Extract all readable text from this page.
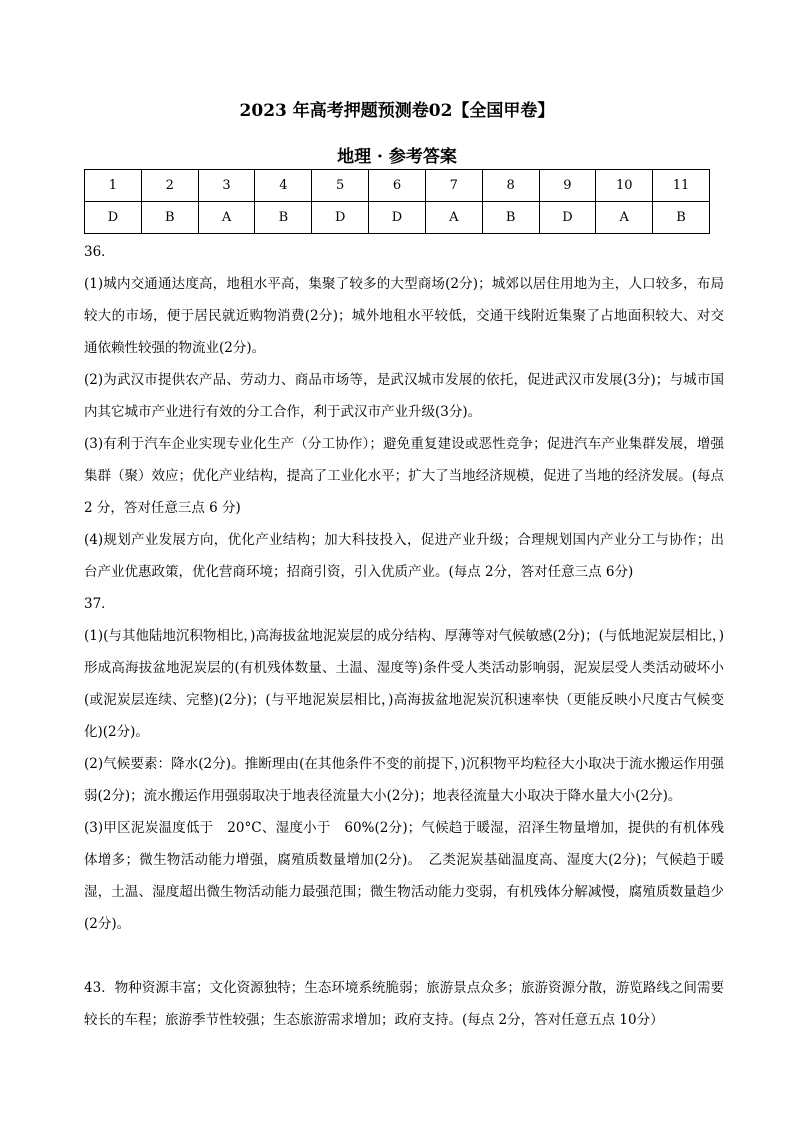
2023 年高考押题预测卷02【全国甲卷】
地理 · 参考答案
1	2	3	4	5	6	7	8	9	10	11
D	B	A	B	D	D	A	B	D	A	B

36．

(1)城内交通通达度高，地租水平高，集聚了较多的大型商场(2分)；城郊以居住用地为主，人口较多，布局较大的市场，便于居民就近购物消费(2分)；城外地租水平较低，交通干线附近集聚了占地面积较大、对交通依赖性较强的物流业(2分)。

(2)为武汉市提供农产品、劳动力、商品市场等，是武汉城市发展的依托，促进武汉市发展(3分)；与城市国内其它城市产业进行有效的分工合作，利于武汉市产业升级(3分)。

(3)有利于汽车企业实现专业化生产（分工协作）；避免重复建设或恶性竞争；促进汽车产业集群发展，增强集群（聚）效应；优化产业结构，提高了工业化水平；扩大了当地经济规模，促进了当地的经济发展。(每点 2 分，答对任意三点 6 分)

(4)规划产业发展方向，优化产业结构；加大科技投入，促进产业升级；合理规划国内产业分工与协作；出台产业优惠政策，优化营商环境；招商引资，引入优质产业。(每点 2分，答对任意三点 6分)

37．

(1)(与其他陆地沉积物相比，)高海拔盆地泥炭层的成分结构、厚薄等对气候敏感(2分)；(与低地泥炭层相比，)形成高海拔盆地泥炭层的(有机残体数量、土温、湿度等)条件受人类活动影响弱，泥炭层受人类活动破坏小(或泥炭层连续、完整)(2分)；(与平地泥炭层相比，)高海拔盆地泥炭沉积速率快（更能反映小尺度古气候变化)(2分)。

(2)气候要素：降水(2分)。推断理由(在其他条件不变的前提下，)沉积物平均粒径大小取决于流水搬运作用强弱(2分)；流水搬运作用强弱取决于地表径流量大小(2分)；地表径流量大小取决于降水量大小(2分)。

(3)甲区泥炭温度低于　20°C、湿度小于　60%(2分)；气候趋于暖湿，沼泽生物量增加，提供的有机体残体增多；微生物活动能力增强，腐殖质数量增加(2分)。　乙类泥炭基础温度高、湿度大(2分)；气候趋于暖湿，土温、湿度超出微生物活动能力最强范围；微生物活动能力变弱，有机残体分解减慢，腐殖质数量趋少(2分)。

43．物种资源丰富；文化资源独特；生态环境系统脆弱；旅游景点众多；旅游资源分散，游览路线之间需要较长的车程；旅游季节性较强；生态旅游需求增加；政府支持。(每点 2分，答对任意五点 10分）
